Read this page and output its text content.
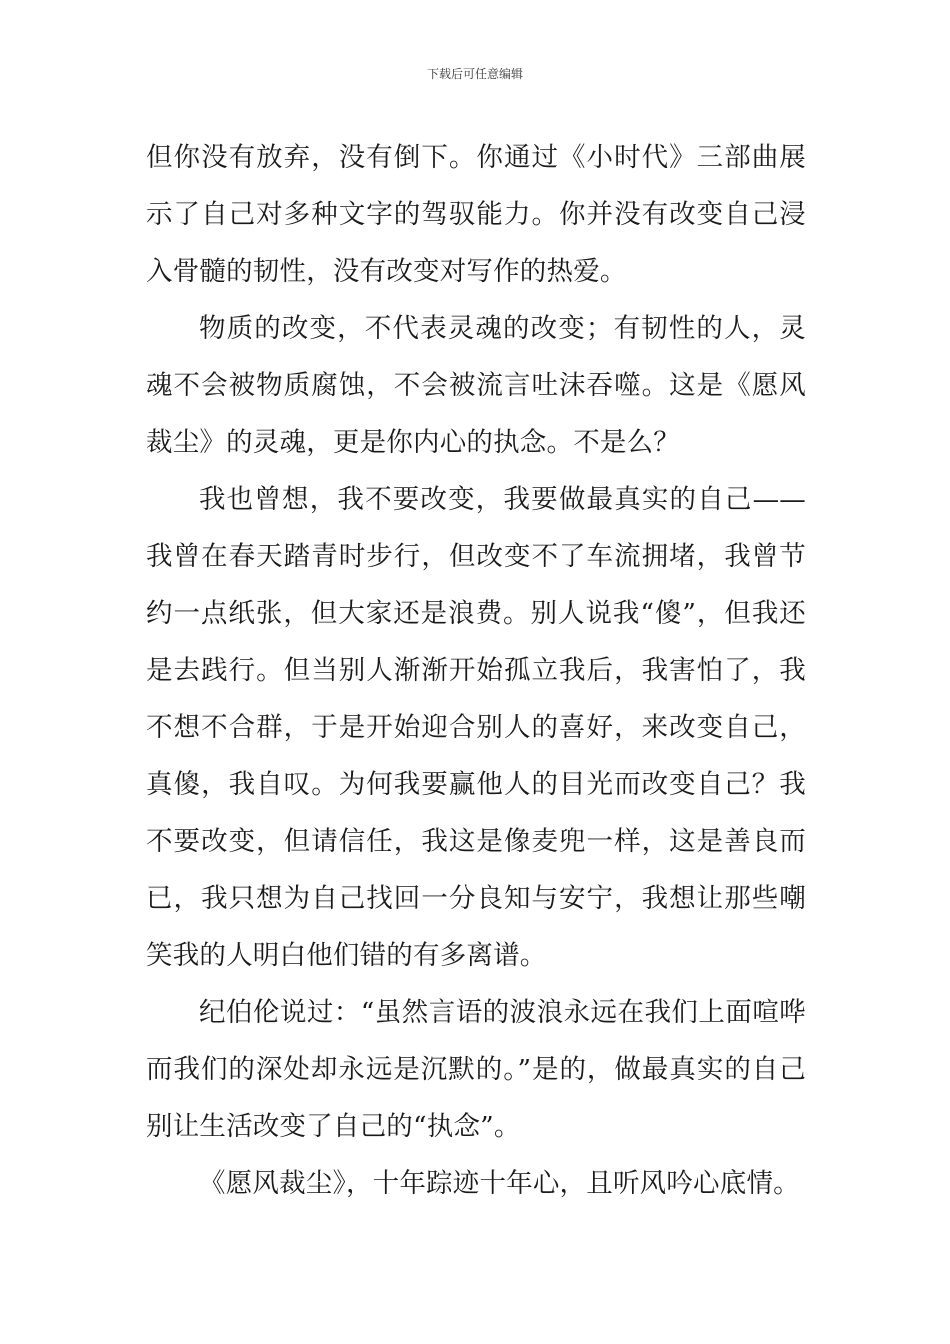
下载后可任意编辑

但你没有放弃，没有倒下。你通过《小时代》三部曲展示了自己对多种文字的驾驭能力。你并没有改变自己浸入骨髓的韧性，没有改变对写作的热爱。

物质的改变，不代表灵魂的改变；有韧性的人，灵魂不会被物质腐蚀，不会被流言吐沫吞噬。这是《愿风裁尘》的灵魂，更是你内心的执念。不是么？

我也曾想，我不要改变，我要做最真实的自己——我曾在春天踏青时步行，但改变不了车流拥堵，我曾节约一点纸张，但大家还是浪费。别人说我“傻”，但我还是去践行。但当别人渐渐开始孤立我后，我害怕了，我不想不合群，于是开始迎合别人的喜好，来改变自己，真傻，我自叹。为何我要赢他人的目光而改变自己？我不要改变，但请信任，我这是像麦兜一样，这是善良而已，我只想为自己找回一分良知与安宁，我想让那些嘲笑我的人明白他们错的有多离谱。

纪伯伦说过：“虽然言语的波浪永远在我们上面喧哗而我们的深处却永远是沉默的。”是的，做最真实的自己别让生活改变了自己的“执念”。

《愿风裁尘》，十年踪迹十年心，且听风吟心底情。
